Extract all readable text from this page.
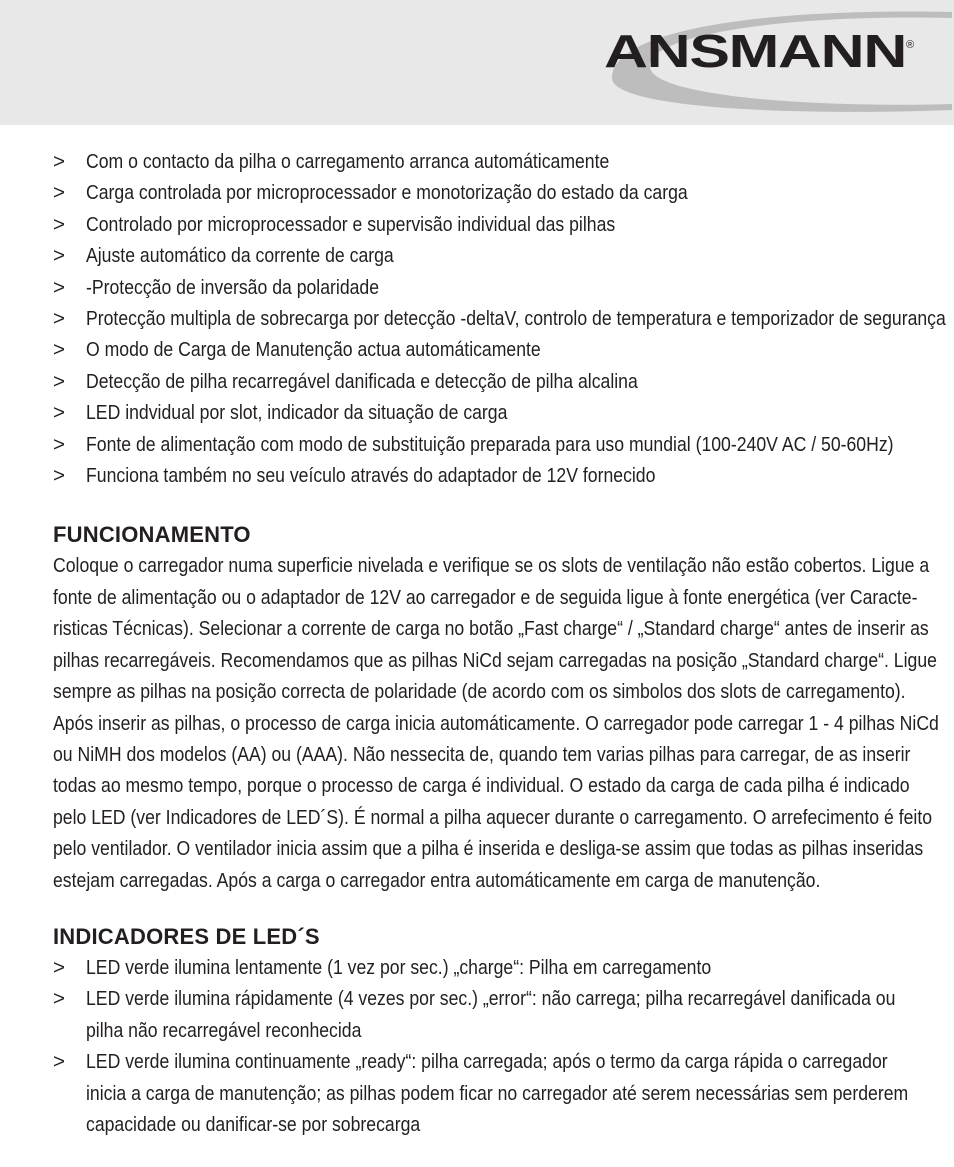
ANSMANN ®
> Com o contacto da pilha o carregamento arranca automáticamente
> Carga controlada por microprocessador e monotorização do estado da carga
> Controlado por microprocessador e supervisão individual das pilhas
> Ajuste automático da corrente de carga
> -Protecção de inversão da polaridade
> Protecção multipla de sobrecarga por detecção -deltaV, controlo de temperatura e temporizador de segurança
> O modo de Carga de Manutenção actua automáticamente
> Detecção de pilha recarregável danificada e detecção de pilha alcalina
> LED indvidual por slot, indicador da situação de carga
> Fonte de alimentação com modo de substituição preparada para uso mundial (100-240V AC / 50-60Hz)
> Funciona também no seu veículo através do adaptador de 12V fornecido
FUNCIONAMENTO
Coloque o carregador numa superficie nivelada e verifique se os slots de ventilação não estão cobertos. Ligue a
fonte de alimentação ou o adaptador de 12V ao carregador e de seguida ligue à fonte energética (ver Caracte-
risticas Técnicas). Selecionar a corrente de carga no botão „Fast charge“ / „Standard charge“ antes de inserir as
pilhas recarregáveis. Recomendamos que as pilhas NiCd sejam carregadas na posição „Standard charge“. Ligue
sempre as pilhas na posição correcta de polaridade (de acordo com os simbolos dos slots de carregamento).
Após inserir as pilhas, o processo de carga inicia automáticamente. O carregador pode carregar 1 - 4 pilhas NiCd
ou NiMH dos modelos (AA) ou (AAA). Não nessecita de, quando tem varias pilhas para carregar, de as inserir
todas ao mesmo tempo, porque o processo de carga é individual. O estado da carga de cada pilha é indicado
pelo LED (ver Indicadores de LED´S). É normal a pilha aquecer durante o carregamento. O arrefecimento é feito
pelo ventilador. O ventilador inicia assim que a pilha é inserida e desliga-se assim que todas as pilhas inseridas
estejam carregadas. Após a carga o carregador entra automáticamente em carga de manutenção.
INDICADORES DE LED´S
> LED verde ilumina lentamente (1 vez por sec.) „charge“: Pilha em carregamento
> LED verde ilumina rápidamente (4 vezes por sec.) „error“: não carrega; pilha recarregável danificada ou
pilha não recarregável reconhecida
> LED verde ilumina continuamente „ready“: pilha carregada; após o termo da carga rápida o carregador
inicia a carga de manutenção; as pilhas podem ficar no carregador até serem necessárias sem perderem
capacidade ou danificar-se por sobrecarga
